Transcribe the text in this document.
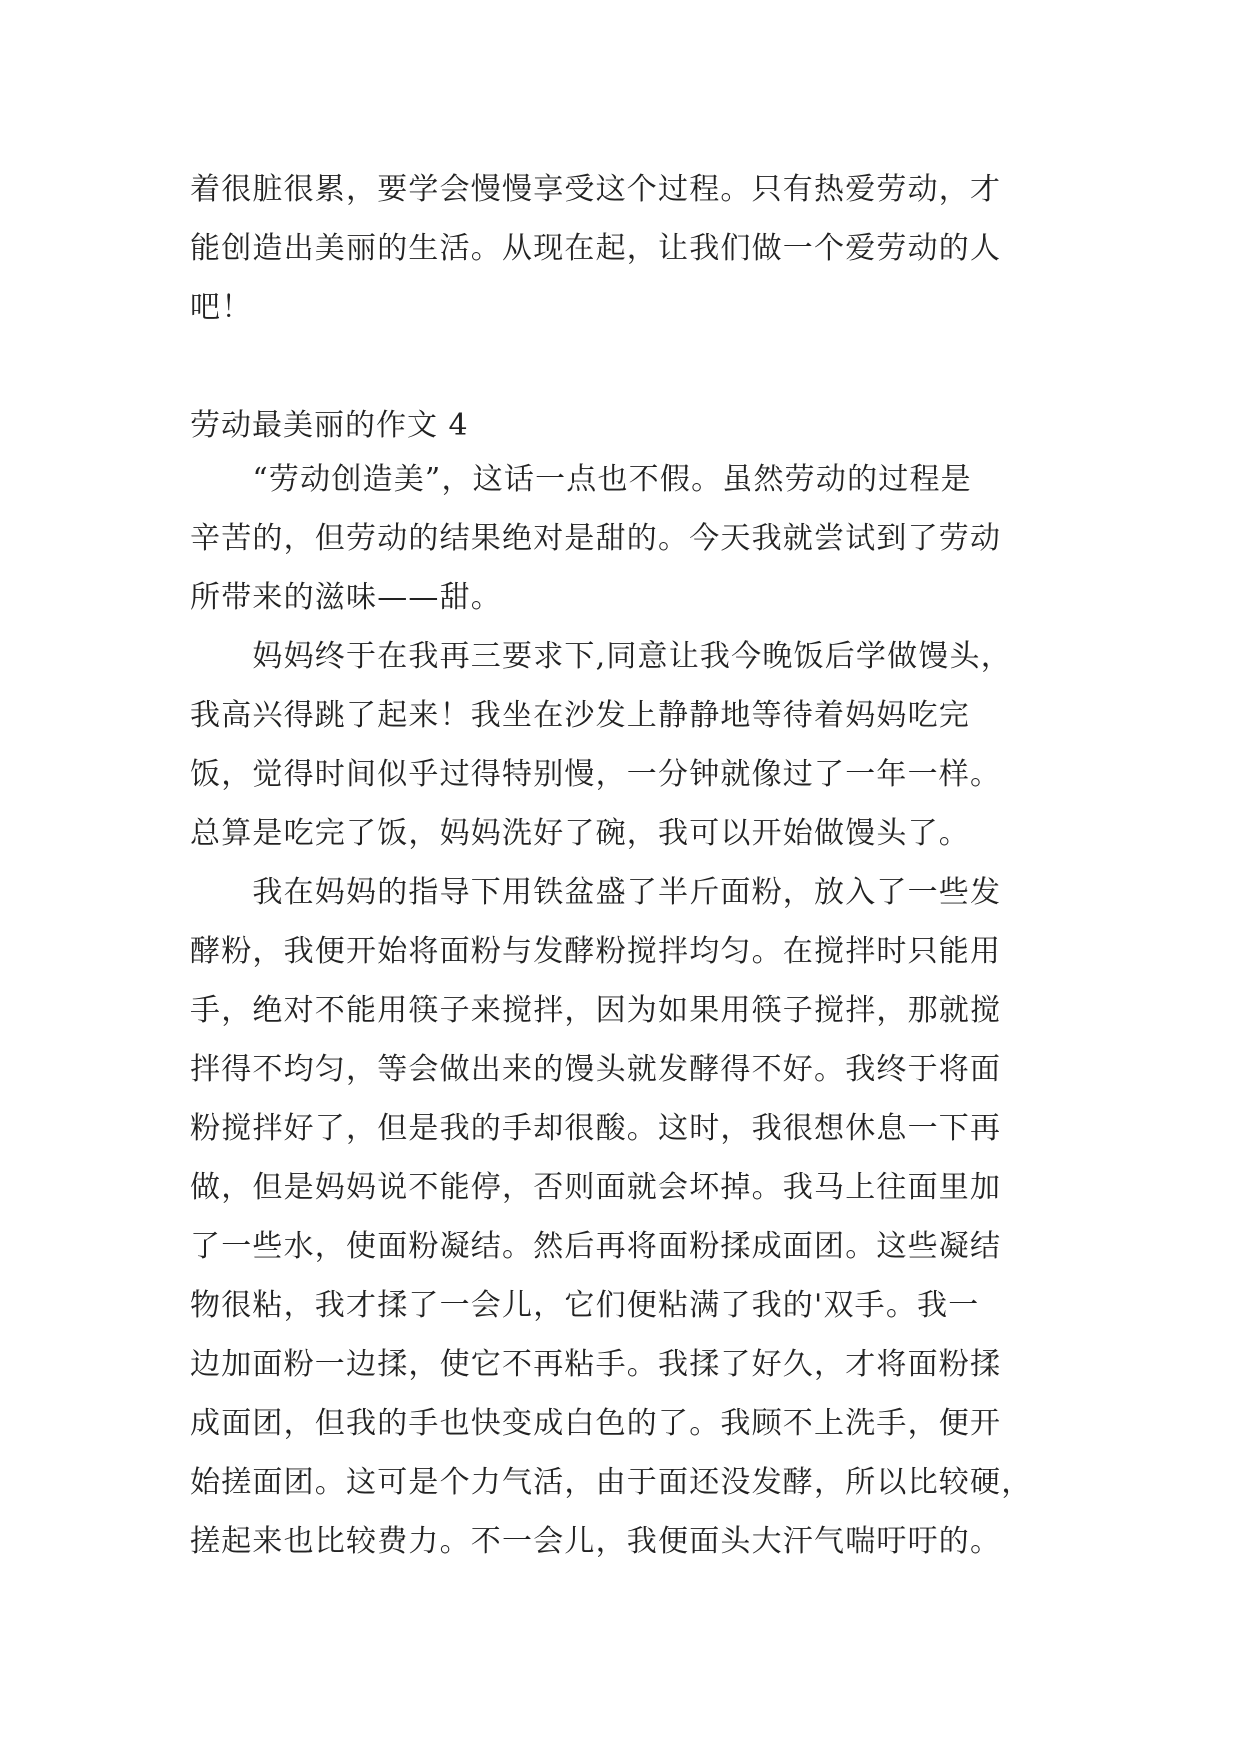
着很脏很累，要学会慢慢享受这个过程。只有热爱劳动，才
能创造出美丽的生活。从现在起，让我们做一个爱劳动的人
吧！
劳动最美丽的作文 4
　　“劳动创造美”，这话一点也不假。虽然劳动的过程是
辛苦的，但劳动的结果绝对是甜的。今天我就尝试到了劳动
所带来的滋味——甜。
　　妈妈终于在我再三要求下,同意让我今晚饭后学做馒头，
我高兴得跳了起来！我坐在沙发上静静地等待着妈妈吃完
饭，觉得时间似乎过得特别慢，一分钟就像过了一年一样。
总算是吃完了饭，妈妈洗好了碗，我可以开始做馒头了。
　　我在妈妈的指导下用铁盆盛了半斤面粉，放入了一些发
酵粉，我便开始将面粉与发酵粉搅拌均匀。在搅拌时只能用
手，绝对不能用筷子来搅拌，因为如果用筷子搅拌，那就搅
拌得不均匀，等会做出来的馒头就发酵得不好。我终于将面
粉搅拌好了，但是我的手却很酸。这时，我很想休息一下再
做，但是妈妈说不能停，否则面就会坏掉。我马上往面里加
了一些水，使面粉凝结。然后再将面粉揉成面团。这些凝结
物很粘，我才揉了一会儿，它们便粘满了我的'双手。我一
边加面粉一边揉，使它不再粘手。我揉了好久，才将面粉揉
成面团，但我的手也快变成白色的了。我顾不上洗手，便开
始搓面团。这可是个力气活，由于面还没发酵，所以比较硬，
搓起来也比较费力。不一会儿，我便面头大汗气喘吁吁的。
